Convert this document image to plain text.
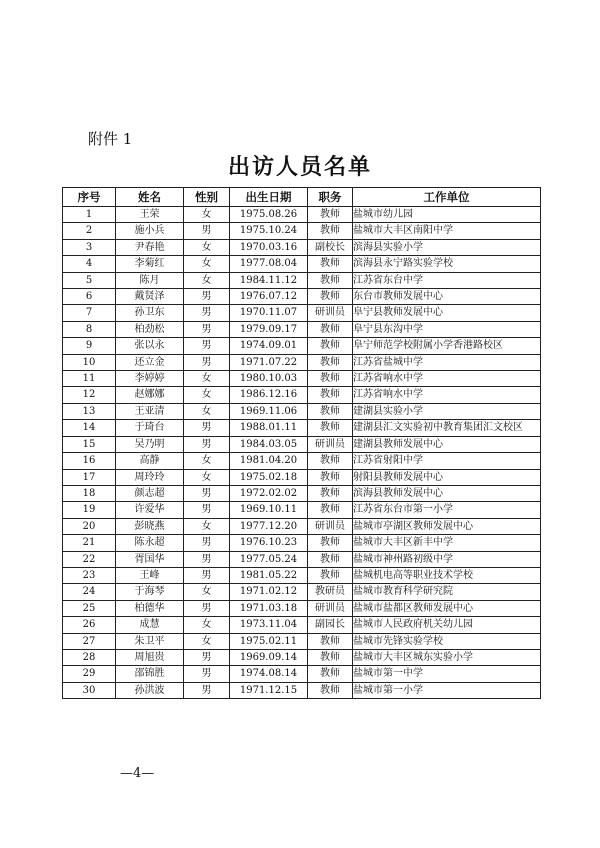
附件 1
出访人员名单
序号	姓名	性别	出生日期	职务	工作单位
1	王荣	女	1975.08.26	教师	盐城市幼儿园
2	施小兵	男	1975.10.24	教师	盐城市大丰区南阳中学
3	尹春艳	女	1970.03.16	副校长	滨海县实验小学
4	李菊红	女	1977.08.04	教师	滨海县永宁路实验学校
5	陈月	女	1984.11.12	教师	江苏省东台中学
6	戴贤泽	男	1976.07.12	教师	东台市教师发展中心
7	孙卫东	男	1970.11.07	研训员	阜宁县教师发展中心
8	柏劲松	男	1979.09.17	教师	阜宁县东沟中学
9	张以永	男	1974.09.01	教师	阜宁师范学校附属小学香港路校区
10	还立金	男	1971.07.22	教师	江苏省盐城中学
11	李婷婷	女	1980.10.03	教师	江苏省响水中学
12	赵娜娜	女	1986.12.16	教师	江苏省响水中学
13	王亚清	女	1969.11.06	教师	建湖县实验小学
14	于琦台	男	1988.01.11	教师	建湖县汇文实验初中教育集团汇文校区
15	吴乃明	男	1984.03.05	研训员	建湖县教师发展中心
16	高静	女	1981.04.20	教师	江苏省射阳中学
17	周玲玲	女	1975.02.18	教师	射阳县教师发展中心
18	颜志超	男	1972.02.02	教师	滨海县教师发展中心
19	许爱华	男	1969.10.11	教师	江苏省东台市第一小学
20	彭晓燕	女	1977.12.20	研训员	盐城市亭湖区教师发展中心
21	陈永超	男	1976.10.23	教师	盐城市大丰区新丰中学
22	胥国华	男	1977.05.24	教师	盐城市神州路初级中学
23	王峰	男	1981.05.22	教师	盐城机电高等职业技术学校
24	于海琴	女	1971.02.12	教研员	盐城市教育科学研究院
25	柏德华	男	1971.03.18	研训员	盐城市盐都区教师发展中心
26	成慧	女	1973.11.04	副园长	盐城市人民政府机关幼儿园
27	朱卫平	女	1975.02.11	教师	盐城市先锋实验学校
28	周旭贵	男	1969.09.14	教师	盐城市大丰区城东实验小学
29	邵锦胜	男	1974.08.14	教师	盐城市第一中学
30	孙洪波	男	1971.12.15	教师	盐城市第一小学
—4—
